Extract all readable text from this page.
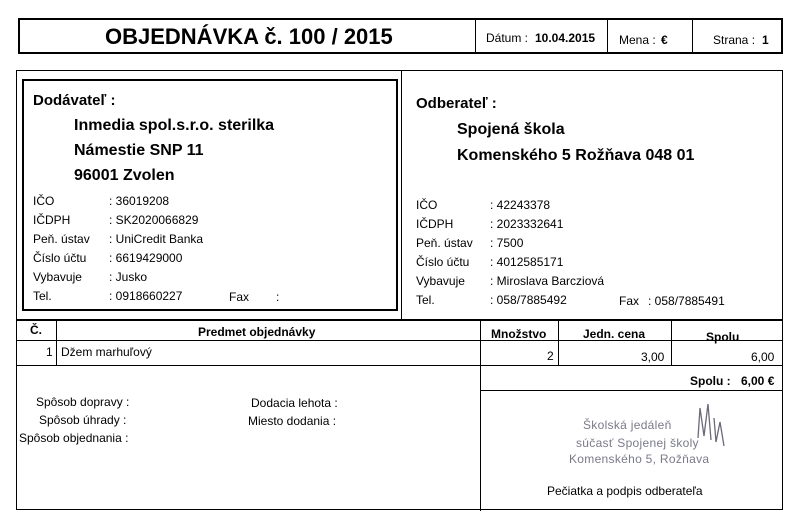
OBJEDNÁVKA č. 100 / 2015	Dátum : 10.04.2015 Mena : €	Strana : 1
Dodávateľ :
Inmedia spol.s.r.o. sterilka
Námestie SNP 11
96001 Zvolen
IČO	: 36019208
IČDPH	: SK2020066829
Peň. ústav : UniCredit Banka
Číslo účtu : 6619429000
Vybavuje : Jusko
Tel.	: 0918660227	Fax :
Odberateľ :
Spojená škola
Komenského 5 Rožňava 048 01
IČO	: 42243378
IČDPH	: 2023332641
Peň. ústav : 7500
Číslo účtu : 4012585171
Vybavuje : Miroslava Barcziová
Tel.	: 058/7885492	Fax : 058/7885491
Č.	Predmet objednávky	Množstvo	Jedn. cena	Spolu
1 Džem marhuľový	2	3,00	6,00
Spolu : 6,00 €
Spôsob dopravy :
Spôsob úhrady :
Spôsob objednania :
Dodacia lehota :
Miesto dodania :	Školská jedáleň
súčasť Spojenej školy
Komenského 5, Rožňava
Pečiatka a podpis odberateľa
